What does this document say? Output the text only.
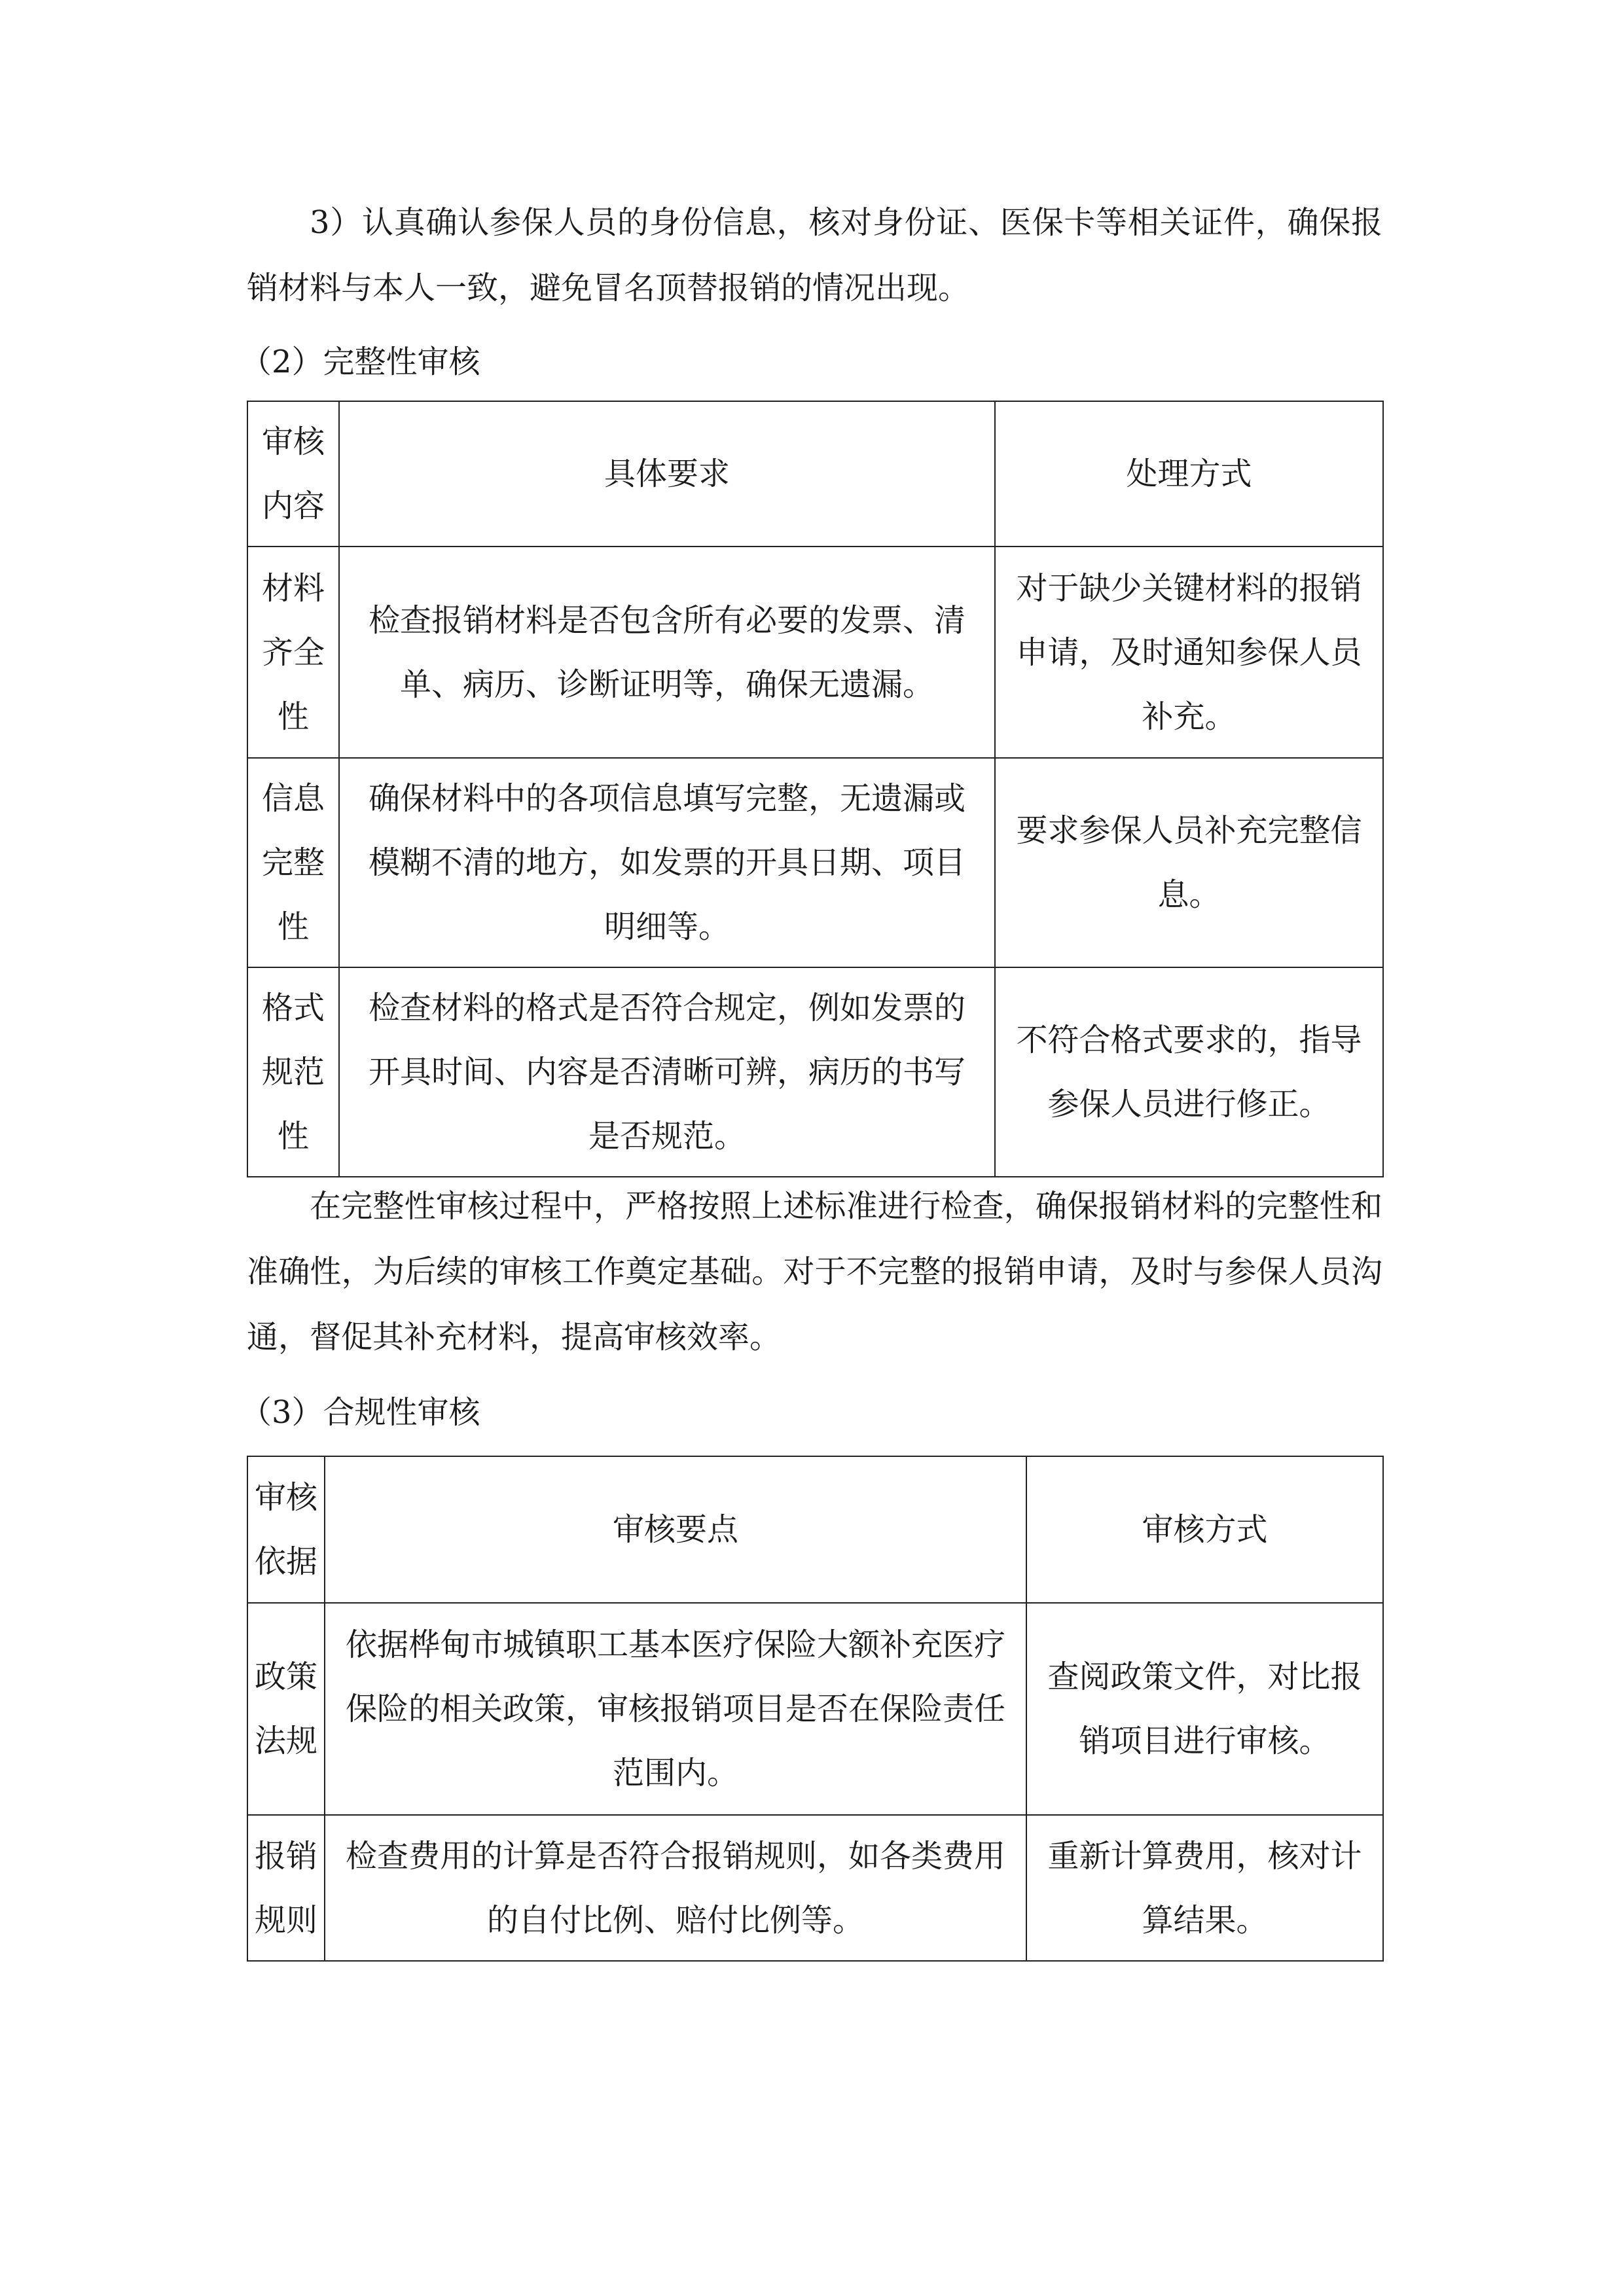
3）认真确认参保人员的身份信息，核对身份证、医保卡等相关证件，确保报销材料与本人一致，避免冒名顶替报销的情况出现。

（2）完整性审核

审核内容	具体要求	处理方式
材料齐全性	检查报销材料是否包含所有必要的发票、清单、病历、诊断证明等，确保无遗漏。	对于缺少关键材料的报销申请，及时通知参保人员补充。
信息完整性	确保材料中的各项信息填写完整，无遗漏或模糊不清的地方，如发票的开具日期、项目明细等。	要求参保人员补充完整信息。
格式规范性	检查材料的格式是否符合规定，例如发票的开具时间、内容是否清晰可辨，病历的书写是否规范。	不符合格式要求的，指导参保人员进行修正。

在完整性审核过程中，严格按照上述标准进行检查，确保报销材料的完整性和准确性，为后续的审核工作奠定基础。对于不完整的报销申请，及时与参保人员沟通，督促其补充材料，提高审核效率。

（3）合规性审核

审核依据	审核要点	审核方式
政策法规	依据桦甸市城镇职工基本医疗保险大额补充医疗保险的相关政策，审核报销项目是否在保险责任范围内。	查阅政策文件，对比报销项目进行审核。
报销规则	检查费用的计算是否符合报销规则，如各类费用的自付比例、赔付比例等。	重新计算费用，核对计算结果。
